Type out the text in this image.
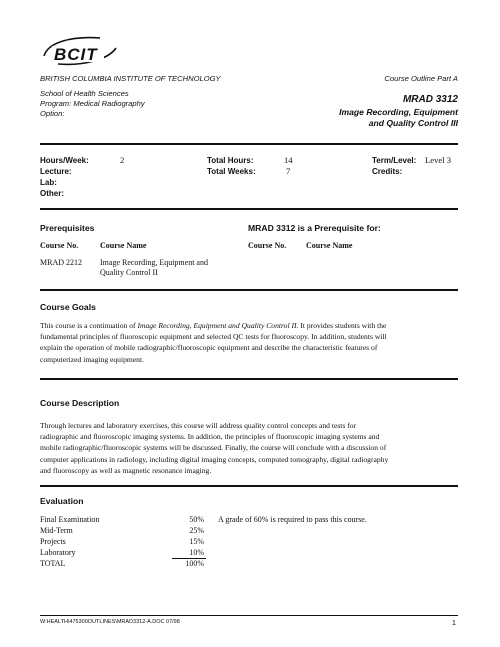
BCIT
BRITISH COLUMBIA INSTITUTE OF TECHNOLOGY	Course Outline Part A
School of Health Sciences
Program: Medical Radiography
Option:
MRAD 3312
Image Recording, Equipment
and Quality Control III
Hours/Week:	2
Lecture:
Lab:
Other:
Total Hours:	14
Total Weeks:	7
Term/Level: Level 3
Credits:
Prerequisites	MRAD 3312 is a Prerequisite for:
Course No.	Course Name	Course No. Course Name
MRAD 2212 Image Recording, Equipment and
Quality Control II
Course Goals
This course is a continuation of Image Recording, Equipment and Quality Control II. It provides students with the
fundamental principles of fluoroscopic equipment and selected QC tests for fluoroscopy. In addition, students will
explain the operation of mobile radiographic/fluoroscopic equipment and describe the characteristic features of
computerized imaging equipment.
Course Description
Through lectures and laboratory exercises, this course will address quality control concepts and tests for
radiographic and fluoroscopic imaging systems. In addition, the principles of fluoroscopic imaging systems and
mobile radiographic/fluoroscopic systems will be discussed. Finally, the course will conclude with a discussion of
computer applications in radiology, including digital imaging concepts, computed tomography, digital radiography
and fluoroscopy as well as magnetic resonance imaging.
Evaluation
Final Examination	50%
Mid-Term	25%
Projects	15%
Laboratory	10%
TOTAL	100%
A grade of 60% is required to pass this course.
W:HEALTH\475300OUTLINES\MRAD3312-A.DOC 07/98	1
